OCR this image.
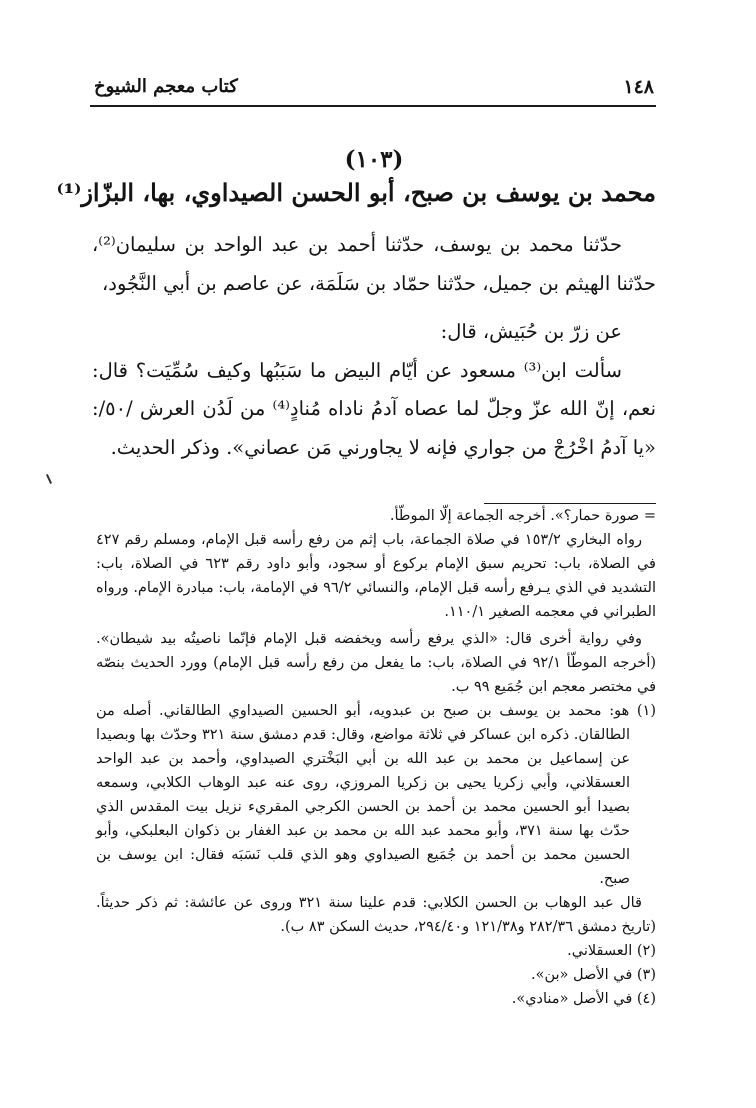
١٤٨
كتاب معجم الشيوخ
(١٠٣)
محمد بن يوسف بن صبح، أبو الحسن الصيداوي، بها، البزّاز⁽¹⁾

حدّثنا محمد بن يوسف، حدّثنا أحمد بن عبد الواحد بن سليمان⁽²⁾، حدّثنا الهيثم بن جميل، حدّثنا حمّاد بن سَلَمَة، عن عاصم بن أبي النَّجُود،

عن زرّ بن حُبَيش، قال:

سألت ابن⁽³⁾ مسعود عن أيّام البيض ما سَبَبُها وكيف سُمِّيَت؟ قال: نعم، إنّ الله عزّ وجلّ لما عصاه آدمُ ناداه مُنادٍ⁽⁴⁾ من لَدُن العرش /٥٠/: «يا آدمُ اخْرُجْ من جواري فإنه لا يجاورني مَن عصاني». وذكر الحديث.

= صورة حمار؟». أخرجه الجماعة إلّا الموطّأ.

رواه البخاري ١٥٣/٢ في صلاة الجماعة، باب إثم من رفع رأسه قبل الإمام، ومسلم رقم ٤٢٧ في الصلاة، باب: تحريم سبق الإمام بركوع أو سجود، وأبو داود رقم ٦٢٣ في الصلاة، باب: التشديد في الذي يـرفع رأسه قبل الإمام، والنسائي ٩٦/٢ في الإمامة، باب: مبادرة الإمام. ورواه الطبراني في معجمه الصغير ١١٠/١.

وفي رواية أخرى قال: «الذي يرفع رأسه ويخفضه قبل الإمام فإنّما ناصيتُه بيد شيطان». (أخرجه الموطّأ ٩٢/١ في الصلاة، باب: ما يفعل من رفع رأسه قبل الإمام) وورد الحديث بنصّه في مختصر معجم ابن جُمَيع ٩٩ ب.

(١) هو: محمد بن يوسف بن صبح بن عبدويه، أبو الحسين الصيداوي الطالقاني. أصله من الطالقان. ذكره ابن عساكر في ثلاثة مواضع، وقال: قدم دمشق سنة ٣٢١ وحدّث بها وبصيدا عن إسماعيل بن محمد بن عبد الله بن أبي البَخْتري الصيداوي، وأحمد بن عبد الواحد العسقلاني، وأبي زكريا يحيى بن زكريا المروزي، روى عنه عبد الوهاب الكلابي، وسمعه بصيدا أبو الحسين محمد بن أحمد بن الحسن الكرجي المقريء نزيل بيت المقدس الذي حدّث بها سنة ٣٧١، وأبو محمد عبد الله بن محمد بن عبد الغفار بن ذكوان البعلبكي، وأبو الحسين محمد بن أحمد بن جُمَيع الصيداوي وهو الذي قلب نَسَبَه فقال: ابن يوسف بن صبح.

قال عبد الوهاب بن الحسن الكلابي: قدم علينا سنة ٣٢١ وروى عن عائشة: ثم ذكر حديثاً. (تاريخ دمشق ٢٨٢/٣٦ و١٢١/٣٨ و٢٩٤/٤٠، حديث السكن ٨٣ ب).

(٢) العسقلاني.

(٣) في الأصل «بن».

(٤) في الأصل «منادي».
